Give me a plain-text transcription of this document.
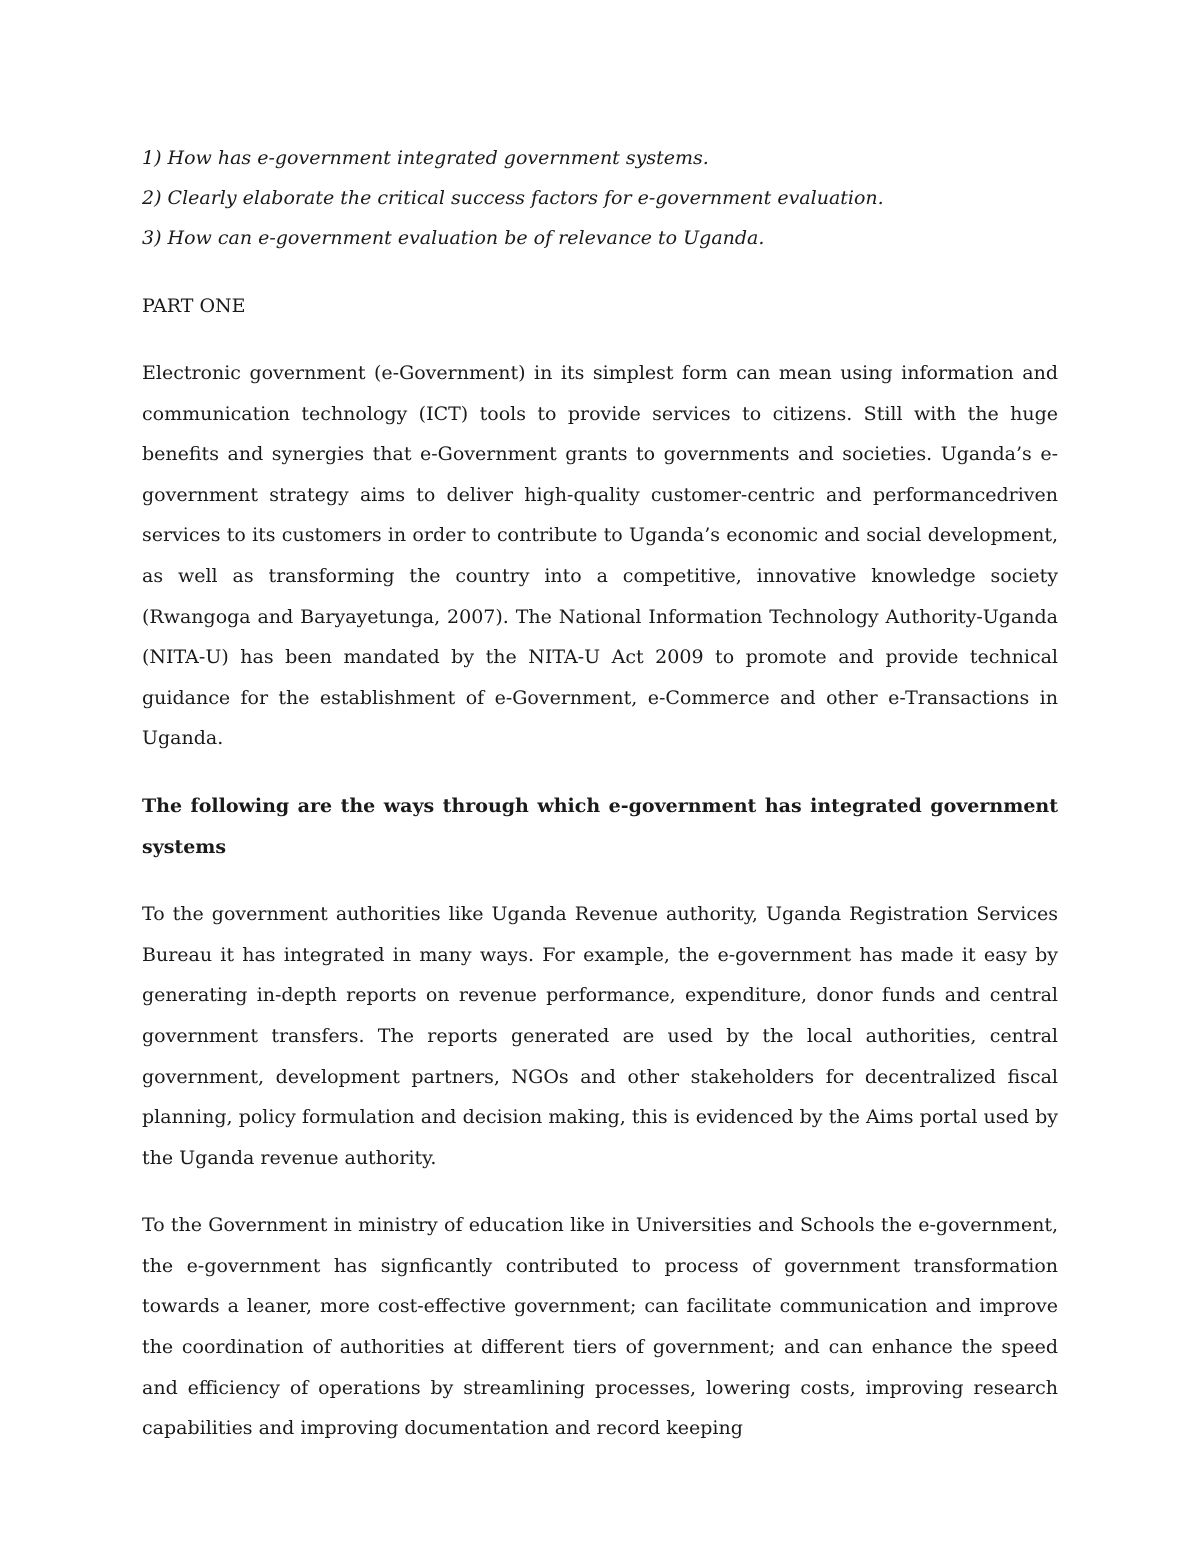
1) How has e-government integrated government systems.

2) Clearly elaborate the critical success factors for e-government evaluation.

3) How can e-government evaluation be of relevance to Uganda.

PART ONE

Electronic government (e-Government) in its simplest form can mean using information and communication technology (ICT) tools to provide services to citizens. Still with the huge benefits and synergies that e-Government grants to governments and societies. Uganda’s e-government strategy aims to deliver high-quality customer-centric and performancedriven services to its customers in order to contribute to Uganda’s economic and social development, as well as transforming the country into a competitive, innovative knowledge society (Rwangoga and Baryayetunga, 2007). The National Information Technology Authority-Uganda (NITA-U) has been mandated by the NITA-U Act 2009 to promote and provide technical guidance for the establishment of e-Government, e-Commerce and other e-Transactions in Uganda.

The following are the ways through which e-government has integrated government systems

To the government authorities like Uganda Revenue authority, Uganda Registration Services Bureau it has integrated in many ways. For example, the e-government has made it easy by generating in-depth reports on revenue performance, expenditure, donor funds and central government transfers. The reports generated are used by the local authorities, central government, development partners, NGOs and other stakeholders for decentralized fiscal planning, policy formulation and decision making, this is evidenced by the Aims portal used by the Uganda revenue authority.

To the Government in ministry of education like in Universities and Schools the e-government, the e-government has signficantly contributed to process of government transformation towards a leaner, more cost-effective government; can facilitate communication and improve the coordination of authorities at different tiers of government; and can enhance the speed and efficiency of operations by streamlining processes, lowering costs, improving research capabilities and improving documentation and record keeping
